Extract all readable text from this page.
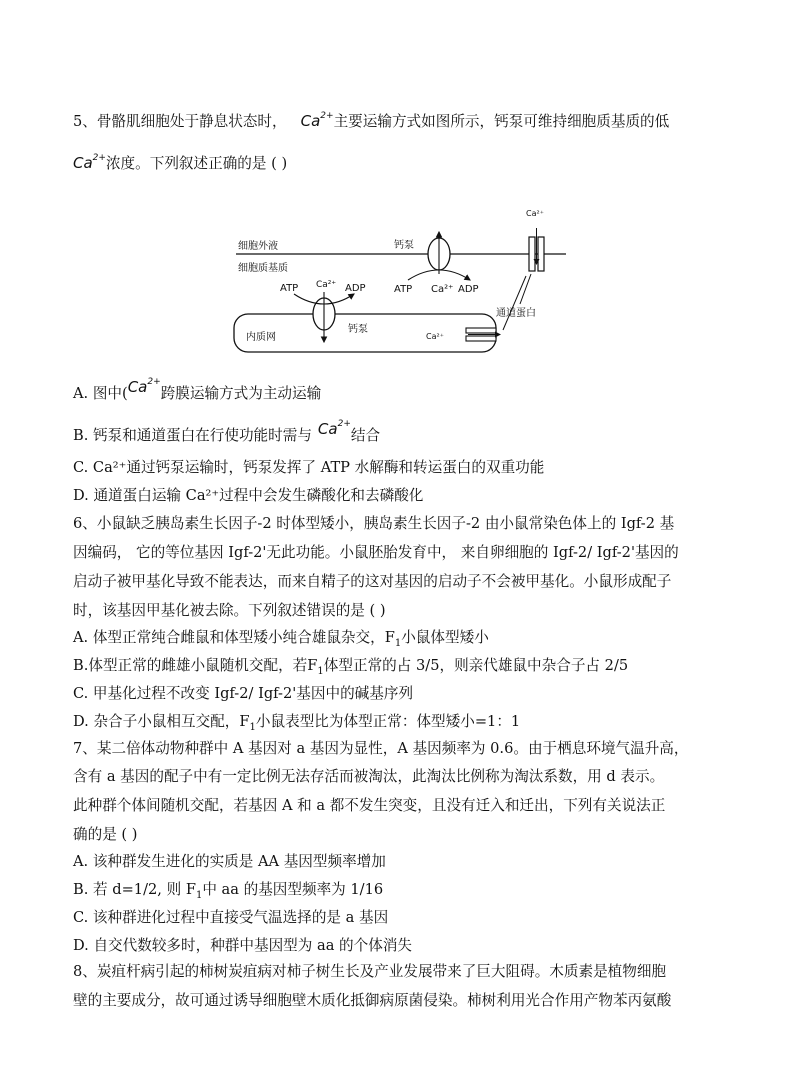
5、骨骼肌细胞处于静息状态时， $Ca^{2+}$主要运输方式如图所示，钙泵可维持细胞质基质的低
$Ca^{2+}$浓度。下列叙述正确的是 ( )
细胞外液
细胞质基质
钙泵
ATP Ca²⁺ ADP
Ca²⁺
通道蛋白
内质网
ATP Ca²⁺ ADP
钙泵
Ca²⁺
A. 图中($Ca^{2+}$跨膜运输方式为主动运输
B. 钙泵和通道蛋白在行使功能时需与 $Ca^{2+}$结合
C. Ca²⁺通过钙泵运输时，钙泵发挥了 ATP 水解酶和转运蛋白的双重功能
D. 通道蛋白运输 Ca²⁺过程中会发生磷酸化和去磷酸化
6、小鼠缺乏胰岛素生长因子-2 时体型矮小，胰岛素生长因子-2 由小鼠常染色体上的 Igf-2 基
因编码， 它的等位基因 Igf-2'无此功能。小鼠胚胎发育中， 来自卵细胞的 Igf-2/ Igf-2'基因的
启动子被甲基化导致不能表达，而来自精子的这对基因的启动子不会被甲基化。小鼠形成配子
时，该基因甲基化被去除。下列叙述错误的是 ( )
A. 体型正常纯合雌鼠和体型矮小纯合雄鼠杂交，$F_1$小鼠体型矮小
B.体型正常的雌雄小鼠随机交配，若$F_1$体型正常的占 3/5，则亲代雄鼠中杂合子占 2/5
C. 甲基化过程不改变 Igf-2/ Igf-2'基因中的碱基序列
D. 杂合子小鼠相互交配，$F_1$小鼠表型比为体型正常：体型矮小=1：1
7、某二倍体动物种群中 A 基因对 a 基因为显性，A 基因频率为 0.6。由于栖息环境气温升高，
含有 a 基因的配子中有一定比例无法存活而被淘汰，此淘汰比例称为淘汰系数，用 d 表示。
此种群个体间随机交配，若基因 A 和 a 都不发生突变，且没有迁入和迁出，下列有关说法正
确的是 ( )
A. 该种群发生进化的实质是 AA 基因型频率增加
B. 若 d=1/2, 则 $F_1$中 aa 的基因型频率为 1/16
C. 该种群进化过程中直接受气温选择的是 a 基因
D. 自交代数较多时，种群中基因型为 aa 的个体消失
8、炭疽杆病引起的柿树炭疽病对柿子树生长及产业发展带来了巨大阻碍。木质素是植物细胞
壁的主要成分，故可通过诱导细胞壁木质化抵御病原菌侵染。柿树利用光合作用产物苯丙氨酸
